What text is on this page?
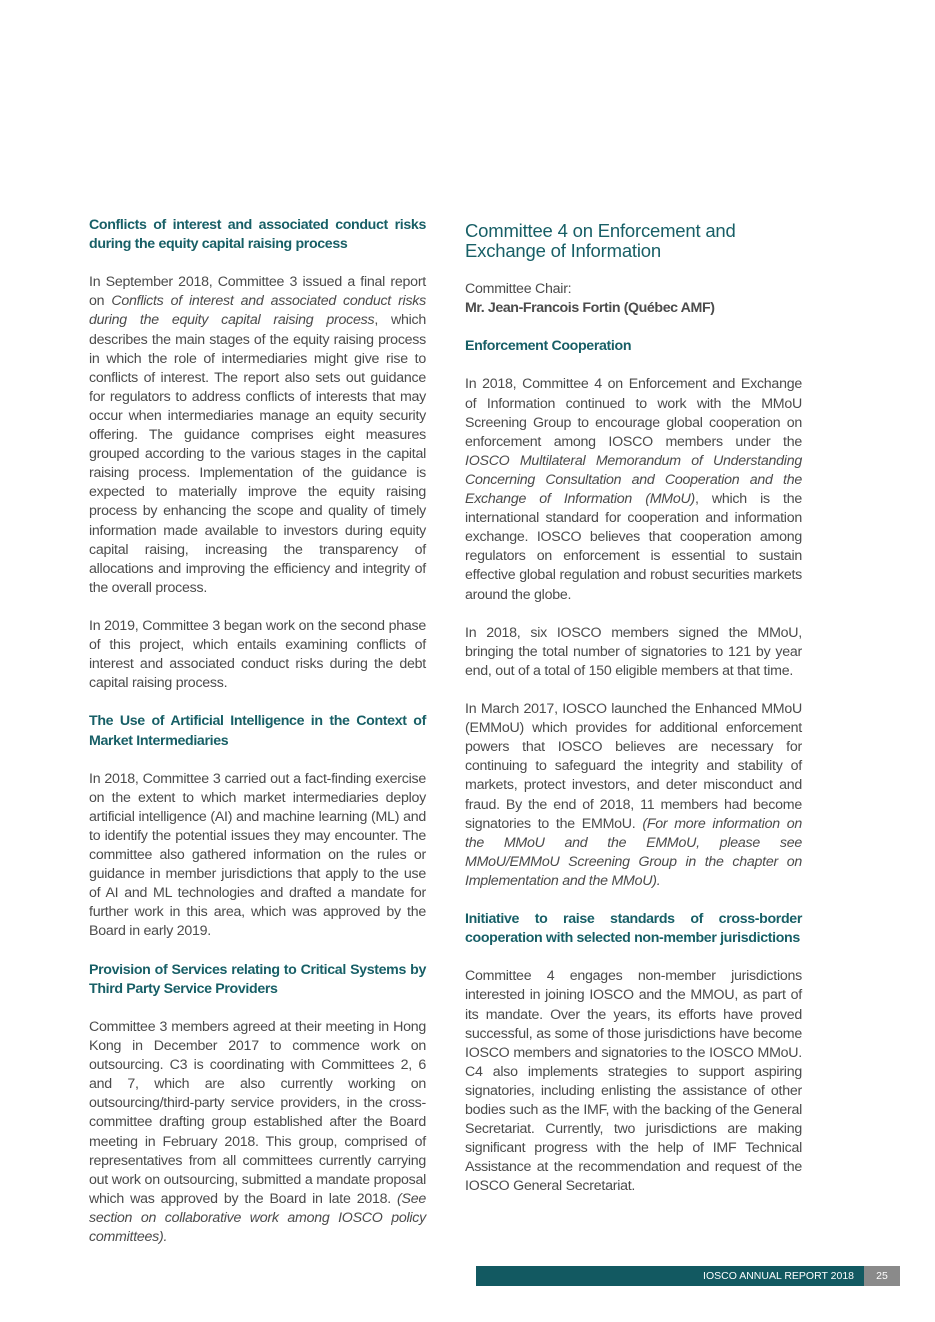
Conflicts of interest and associated conduct risks during the equity capital raising process

In September 2018, Committee 3 issued a final report on Conflicts of interest and associated conduct risks during the equity capital raising process, which describes the main stages of the equity raising process in which the role of intermediaries might give rise to conflicts of interest. The report also sets out guidance for regulators to address conflicts of interests that may occur when intermediaries manage an equity security offering. The guidance comprises eight measures grouped according to the various stages in the capital raising process. Implementation of the guidance is expected to materially improve the equity raising process by enhancing the scope and quality of timely information made available to investors during equity capital raising, increasing the transparency of allocations and improving the efficiency and integrity of the overall process.

In 2019, Committee 3 began work on the second phase of this project, which entails examining conflicts of interest and associated conduct risks during the debt capital raising process.

The Use of Artificial Intelligence in the Context of Market Intermediaries

In 2018, Committee 3 carried out a fact-finding exercise on the extent to which market intermediaries deploy artificial intelligence (AI) and machine learning (ML) and to identify the potential issues they may encounter. The committee also gathered information on the rules or guidance in member jurisdictions that apply to the use of AI and ML technologies and drafted a mandate for further work in this area, which was approved by the Board in early 2019.

Provision of Services relating to Critical Systems by Third Party Service Providers

Committee 3 members agreed at their meeting in Hong Kong in December 2017 to commence work on outsourcing. C3 is coordinating with Committees 2, 6 and 7, which are also currently working on outsourcing/third-party service providers, in the cross-committee drafting group established after the Board meeting in February 2018. This group, comprised of representatives from all committees currently carrying out work on outsourcing, submitted a mandate proposal which was approved by the Board in late 2018. (See section on collaborative work among IOSCO policy committees).

Committee 4 on Enforcement and Exchange of Information

Committee Chair:

Mr. Jean-Francois Fortin (Québec AMF)

Enforcement Cooperation

In 2018, Committee 4 on Enforcement and Exchange of Information continued to work with the MMoU Screening Group to encourage global cooperation on enforcement among IOSCO members under the IOSCO Multilateral Memorandum of Understanding Concerning Consultation and Cooperation and the Exchange of Information (MMoU), which is the international standard for cooperation and information exchange. IOSCO believes that cooperation among regulators on enforcement is essential to sustain effective global regulation and robust securities markets around the globe.

In 2018, six IOSCO members signed the MMoU, bringing the total number of signatories to 121 by year end, out of a total of 150 eligible members at that time.

In March 2017, IOSCO launched the Enhanced MMoU (EMMoU) which provides for additional enforcement powers that IOSCO believes are necessary for continuing to safeguard the integrity and stability of markets, protect investors, and deter misconduct and fraud. By the end of 2018, 11 members had become signatories to the EMMoU. (For more information on the MMoU and the EMMoU, please see MMoU/EMMoU Screening Group in the chapter on Implementation and the MMoU).

Initiative to raise standards of cross-border cooperation with selected non-member jurisdictions

Committee 4 engages non-member jurisdictions interested in joining IOSCO and the MMOU, as part of its mandate. Over the years, its efforts have proved successful, as some of those jurisdictions have become IOSCO members and signatories to the IOSCO MMoU. C4 also implements strategies to support aspiring signatories, including enlisting the assistance of other bodies such as the IMF, with the backing of the General Secretariat. Currently, two jurisdictions are making significant progress with the help of IMF Technical Assistance at the recommendation and request of the IOSCO General Secretariat.

IOSCO ANNUAL REPORT 2018	25
